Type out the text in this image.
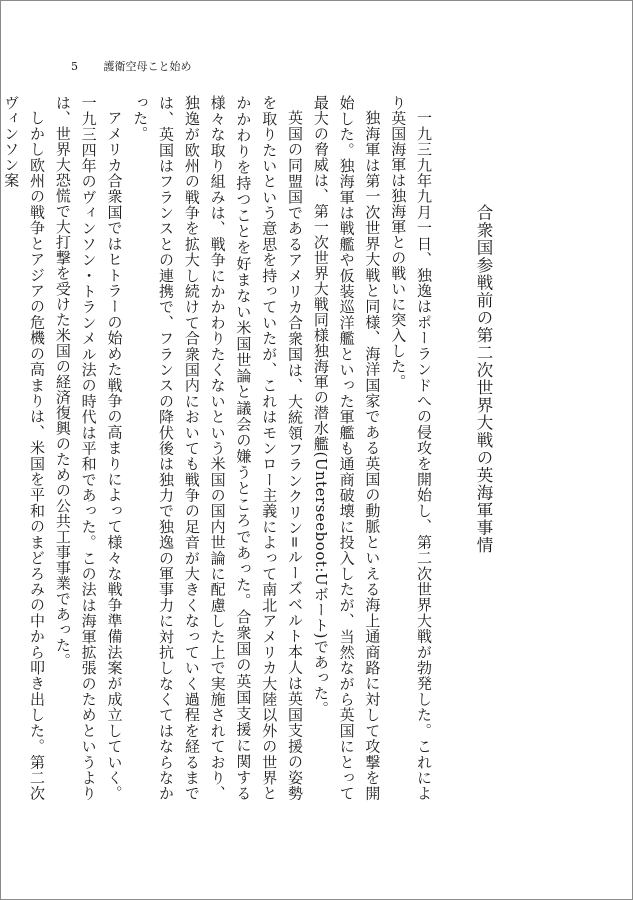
5 護衛空母こと始め
合衆国参戦前の第二次世界大戦の英海軍事情

一九三九年九月一日、独逸はポーランドへの侵攻を開始し、第二次世界大戦が勃発した。これにより英国海軍は独海軍との戦いに突入した。

独海軍は第一次世界大戦と同様、海洋国家である英国の動脈といえる海上通商路に対して攻撃を開始した。独海軍は戦艦や仮装巡洋艦といった軍艦も通商破壊に投入したが、当然ながら英国にとって最大の脅威は、第一次世界大戦同様独海軍の潜水艦(Unterseeboot:Uボート)であった。

英国の同盟国であるアメリカ合衆国は、大統領フランクリン=ルーズベルト本人は英国支援の姿勢を取りたいという意思を持っていたが、これはモンロー主義によって南北アメリカ大陸以外の世界とかかわりを持つことを好まない米国世論と議会の嫌うところであった。合衆国の英国支援に関する様々な取り組みは、戦争にかかわりたくないという米国の国内世論に配慮した上で実施されており、独逸が欧州の戦争を拡大し続けて合衆国内においても戦争の足音が大きくなっていく過程を経るまでは、英国はフランスとの連携で、フランスの降伏後は独力で独逸の軍事力に対抗しなくてはならなかった。

アメリカ合衆国ではヒトラーの始めた戦争の高まりによって様々な戦争準備法案が成立していく。一九三四年のヴィンソン・トランメル法の時代は平和であった。この法は海軍拡張のためというよりは、世界大恐慌で大打撃を受けた米国の経済復興のための公共工事事業であった。

しかし欧州の戦争とアジアの危機の高まりは、米国を平和のまどろみの中から叩き出した。第二次ヴィンソン案
